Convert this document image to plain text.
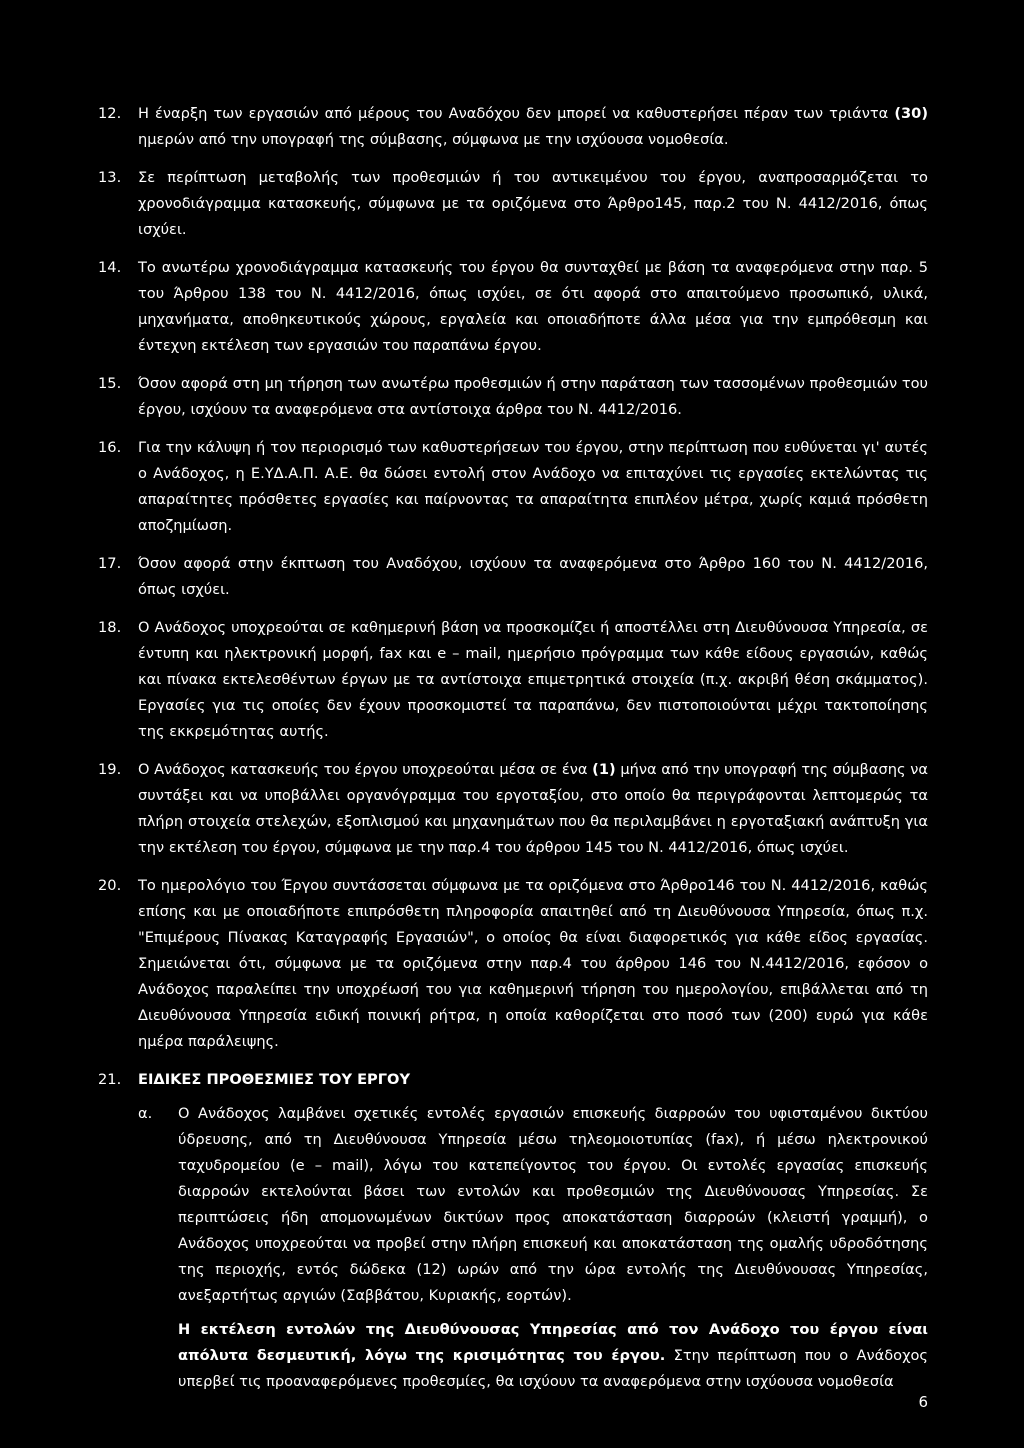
12.	Η έναρξη των εργασιών από μέρους του Αναδόχου δεν μπορεί να καθυστερήσει πέραν των τριάντα (30) ημερών από την υπογραφή της σύμβασης, σύμφωνα με την ισχύουσα νομοθεσία.
13.	Σε περίπτωση μεταβολής των προθεσμιών ή του αντικειμένου του έργου, αναπροσαρμόζεται το χρονοδιάγραμμα κατασκευής, σύμφωνα με τα οριζόμενα στο Άρθρο145, παρ.2 του Ν. 4412/2016, όπως ισχύει.
14.	Το ανωτέρω χρονοδιάγραμμα κατασκευής του έργου θα συνταχθεί με βάση τα αναφερόμενα στην παρ. 5 του Άρθρου 138 του Ν. 4412/2016, όπως ισχύει, σε ότι αφορά στο απαιτούμενο προσωπικό, υλικά, μηχανήματα, αποθηκευτικούς χώρους, εργαλεία και οποιαδήποτε άλλα μέσα για την εμπρόθεσμη και έντεχνη εκτέλεση των εργασιών του παραπάνω έργου.
15.	Όσον αφορά στη μη τήρηση των ανωτέρω προθεσμιών ή στην παράταση των τασσομένων προθεσμιών του έργου, ισχύουν τα αναφερόμενα στα αντίστοιχα άρθρα του Ν. 4412/2016.
16.	Για την κάλυψη ή τον περιορισμό των καθυστερήσεων του έργου, στην περίπτωση που ευθύνεται γι' αυτές ο Ανάδοχος, η Ε.ΥΔ.Α.Π. Α.Ε. θα δώσει εντολή στον Ανάδοχο να επιταχύνει τις εργασίες εκτελώντας τις απαραίτητες πρόσθετες εργασίες και παίρνοντας τα απαραίτητα επιπλέον μέτρα, χωρίς καμιά πρόσθετη αποζημίωση.
17.	Όσον αφορά στην έκπτωση του Αναδόχου, ισχύουν τα αναφερόμενα στο Άρθρο 160 του Ν. 4412/2016, όπως ισχύει.
18.	Ο Ανάδοχος υποχρεούται σε καθημερινή βάση να προσκομίζει ή αποστέλλει στη Διευθύνουσα Υπηρεσία, σε έντυπη και ηλεκτρονική μορφή, fax και e – mail, ημερήσιο πρόγραμμα των κάθε είδους εργασιών, καθώς και πίνακα εκτελεσθέντων έργων με τα αντίστοιχα επιμετρητικά στοιχεία (π.χ. ακριβή θέση σκάμματος). Εργασίες για τις οποίες δεν έχουν προσκομιστεί τα παραπάνω, δεν πιστοποιούνται μέχρι τακτοποίησης της εκκρεμότητας αυτής.
19.	Ο Ανάδοχος κατασκευής του έργου υποχρεούται μέσα σε ένα (1) μήνα από την υπογραφή της σύμβασης να συντάξει και να υποβάλλει οργανόγραμμα του εργοταξίου, στο οποίο θα περιγράφονται λεπτομερώς τα πλήρη στοιχεία στελεχών, εξοπλισμού και μηχανημάτων που θα περιλαμβάνει η εργοταξιακή ανάπτυξη για την εκτέλεση του έργου, σύμφωνα με την παρ.4 του άρθρου 145 του Ν. 4412/2016, όπως ισχύει.
20.	Το ημερολόγιο του Έργου συντάσσεται σύμφωνα με τα οριζόμενα στο Άρθρο146 του Ν. 4412/2016, καθώς επίσης και με οποιαδήποτε επιπρόσθετη πληροφορία απαιτηθεί από τη Διευθύνουσα Υπηρεσία, όπως π.χ. "Επιμέρους Πίνακας Καταγραφής Εργασιών", ο οποίος θα είναι διαφορετικός για κάθε είδος εργασίας. Σημειώνεται ότι, σύμφωνα με τα οριζόμενα στην παρ.4 του άρθρου 146 του Ν.4412/2016, εφόσον ο Ανάδοχος παραλείπει την υποχρέωσή του για καθημερινή τήρηση του ημερολογίου, επιβάλλεται από τη Διευθύνουσα Υπηρεσία ειδική ποινική ρήτρα, η οποία καθορίζεται στο ποσό των (200) ευρώ για κάθε ημέρα παράλειψης.
21.	ΕΙΔΙΚΕΣ ΠΡΟΘΕΣΜΙΕΣ ΤΟΥ ΕΡΓΟΥ
α.	Ο Ανάδοχος λαμβάνει σχετικές εντολές εργασιών επισκευής διαρροών του υφισταμένου δικτύου ύδρευσης, από τη Διευθύνουσα Υπηρεσία μέσω τηλεομοιοτυπίας (fax), ή μέσω ηλεκτρονικού ταχυδρομείου (e – mail), λόγω του κατεπείγοντος του έργου. Οι εντολές εργασίας επισκευής διαρροών εκτελούνται βάσει των εντολών και προθεσμιών της Διευθύνουσας Υπηρεσίας. Σε περιπτώσεις ήδη απομονωμένων δικτύων προς αποκατάσταση διαρροών (κλειστή γραμμή), ο Ανάδοχος υποχρεούται να προβεί στην πλήρη επισκευή και αποκατάσταση της ομαλής υδροδότησης της περιοχής, εντός δώδεκα (12) ωρών από την ώρα εντολής της Διευθύνουσας Υπηρεσίας, ανεξαρτήτως αργιών (Σαββάτου, Κυριακής, εορτών).

Η εκτέλεση εντολών της Διευθύνουσας Υπηρεσίας από τον Ανάδοχο του έργου είναι απόλυτα δεσμευτική, λόγω της κρισιμότητας του έργου. Στην περίπτωση που ο Ανάδοχος υπερβεί τις προαναφερόμενες προθεσμίες, θα ισχύουν τα αναφερόμενα στην ισχύουσα νομοθεσία

6
